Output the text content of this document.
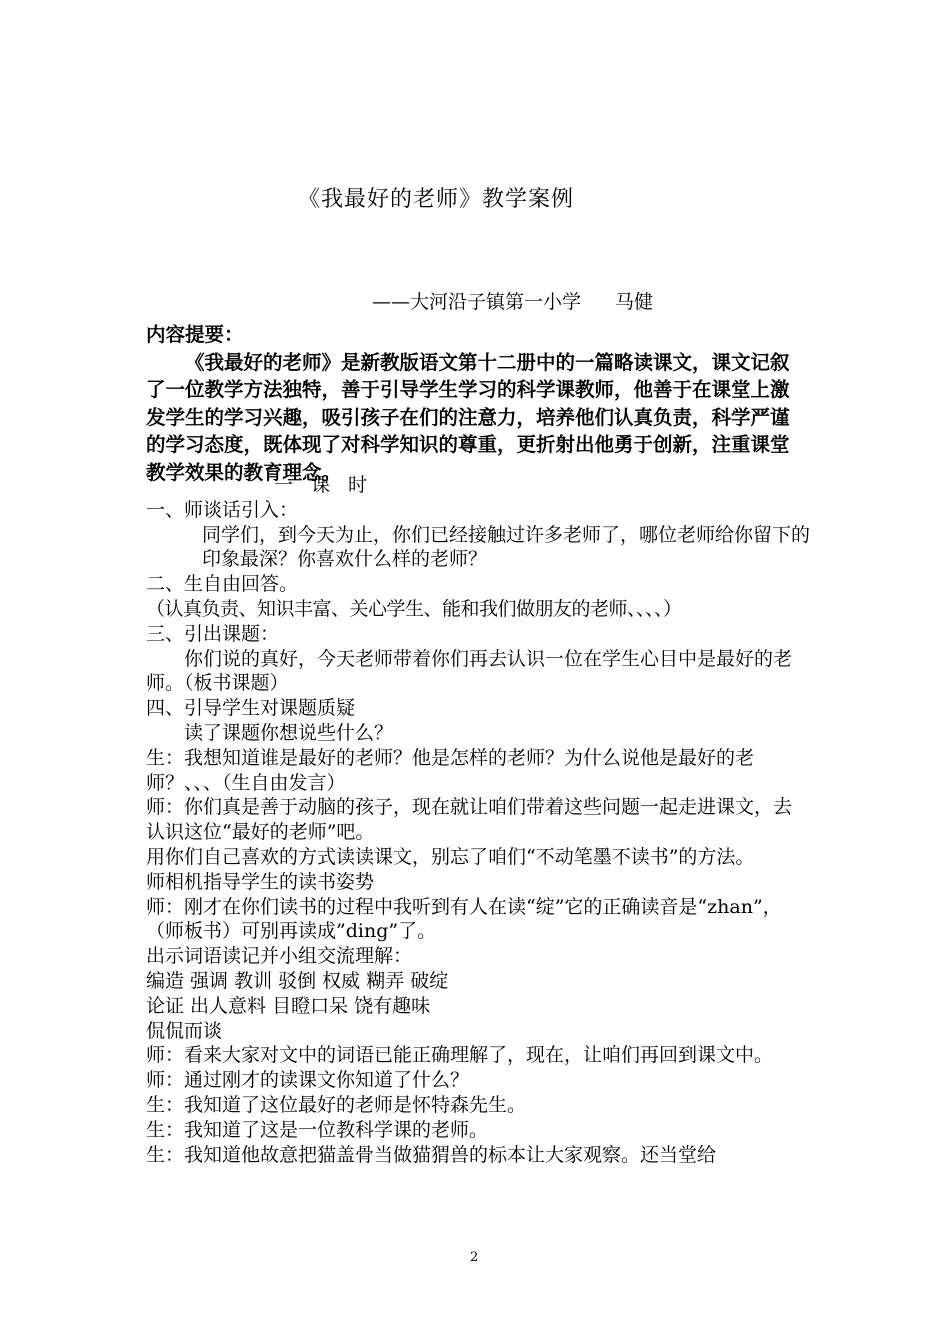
《我最好的老师》教学案例
——大河沿子镇第一小学 马健

内容提要：

《我最好的老师》是新教版语文第十二册中的一篇略读课文，课文记叙了一位教学方法独特，善于引导学生学习的科学课教师，他善于在课堂上激发学生的学习兴趣，吸引孩子在们的注意力，培养他们认真负责，科学严谨的学习态度，既体现了对科学知识的尊重，更折射出他勇于创新，注重课堂教学效果的教育理念。

一课时

一、师谈话引入：

同学们，到今天为止，你们已经接触过许多老师了，哪位老师给你留下的印象最深？你喜欢什么样的老师？

二、生自由回答。

（认真负责、知识丰富、关心学生、能和我们做朋友的老师、、、、）

三、引出课题：

你们说的真好，今天老师带着你们再去认识一位在学生心目中是最好的老师。（板书课题）

四、引导学生对课题质疑

读了课题你想说些什么？

生：我想知道谁是最好的老师？他是怎样的老师？为什么说他是最好的老师？、、、（生自由发言）

师：你们真是善于动脑的孩子，现在就让咱们带着这些问题一起走进课文，去认识这位“最好的老师”吧。

用你们自己喜欢的方式读读课文，别忘了咱们“不动笔墨不读书”的方法。

师相机指导学生的读书姿势

师：刚才在你们读书的过程中我听到有人在读“绽”它的正确读音是“zhan”，（师板书）可别再读成”ding”了。

出示词语读记并小组交流理解：

编造 强调 教训 驳倒 权威 糊弄 破绽

论证 出人意料 目瞪口呆 饶有趣味

侃侃而谈

师：看来大家对文中的词语已能正确理解了，现在，让咱们再回到课文中。

师：通过刚才的读课文你知道了什么？

生：我知道了这位最好的老师是怀特森先生。

生：我知道了这是一位教科学课的老师。

生：我知道他故意把猫盖骨当做猫猬兽的标本让大家观察。还当堂给

2
